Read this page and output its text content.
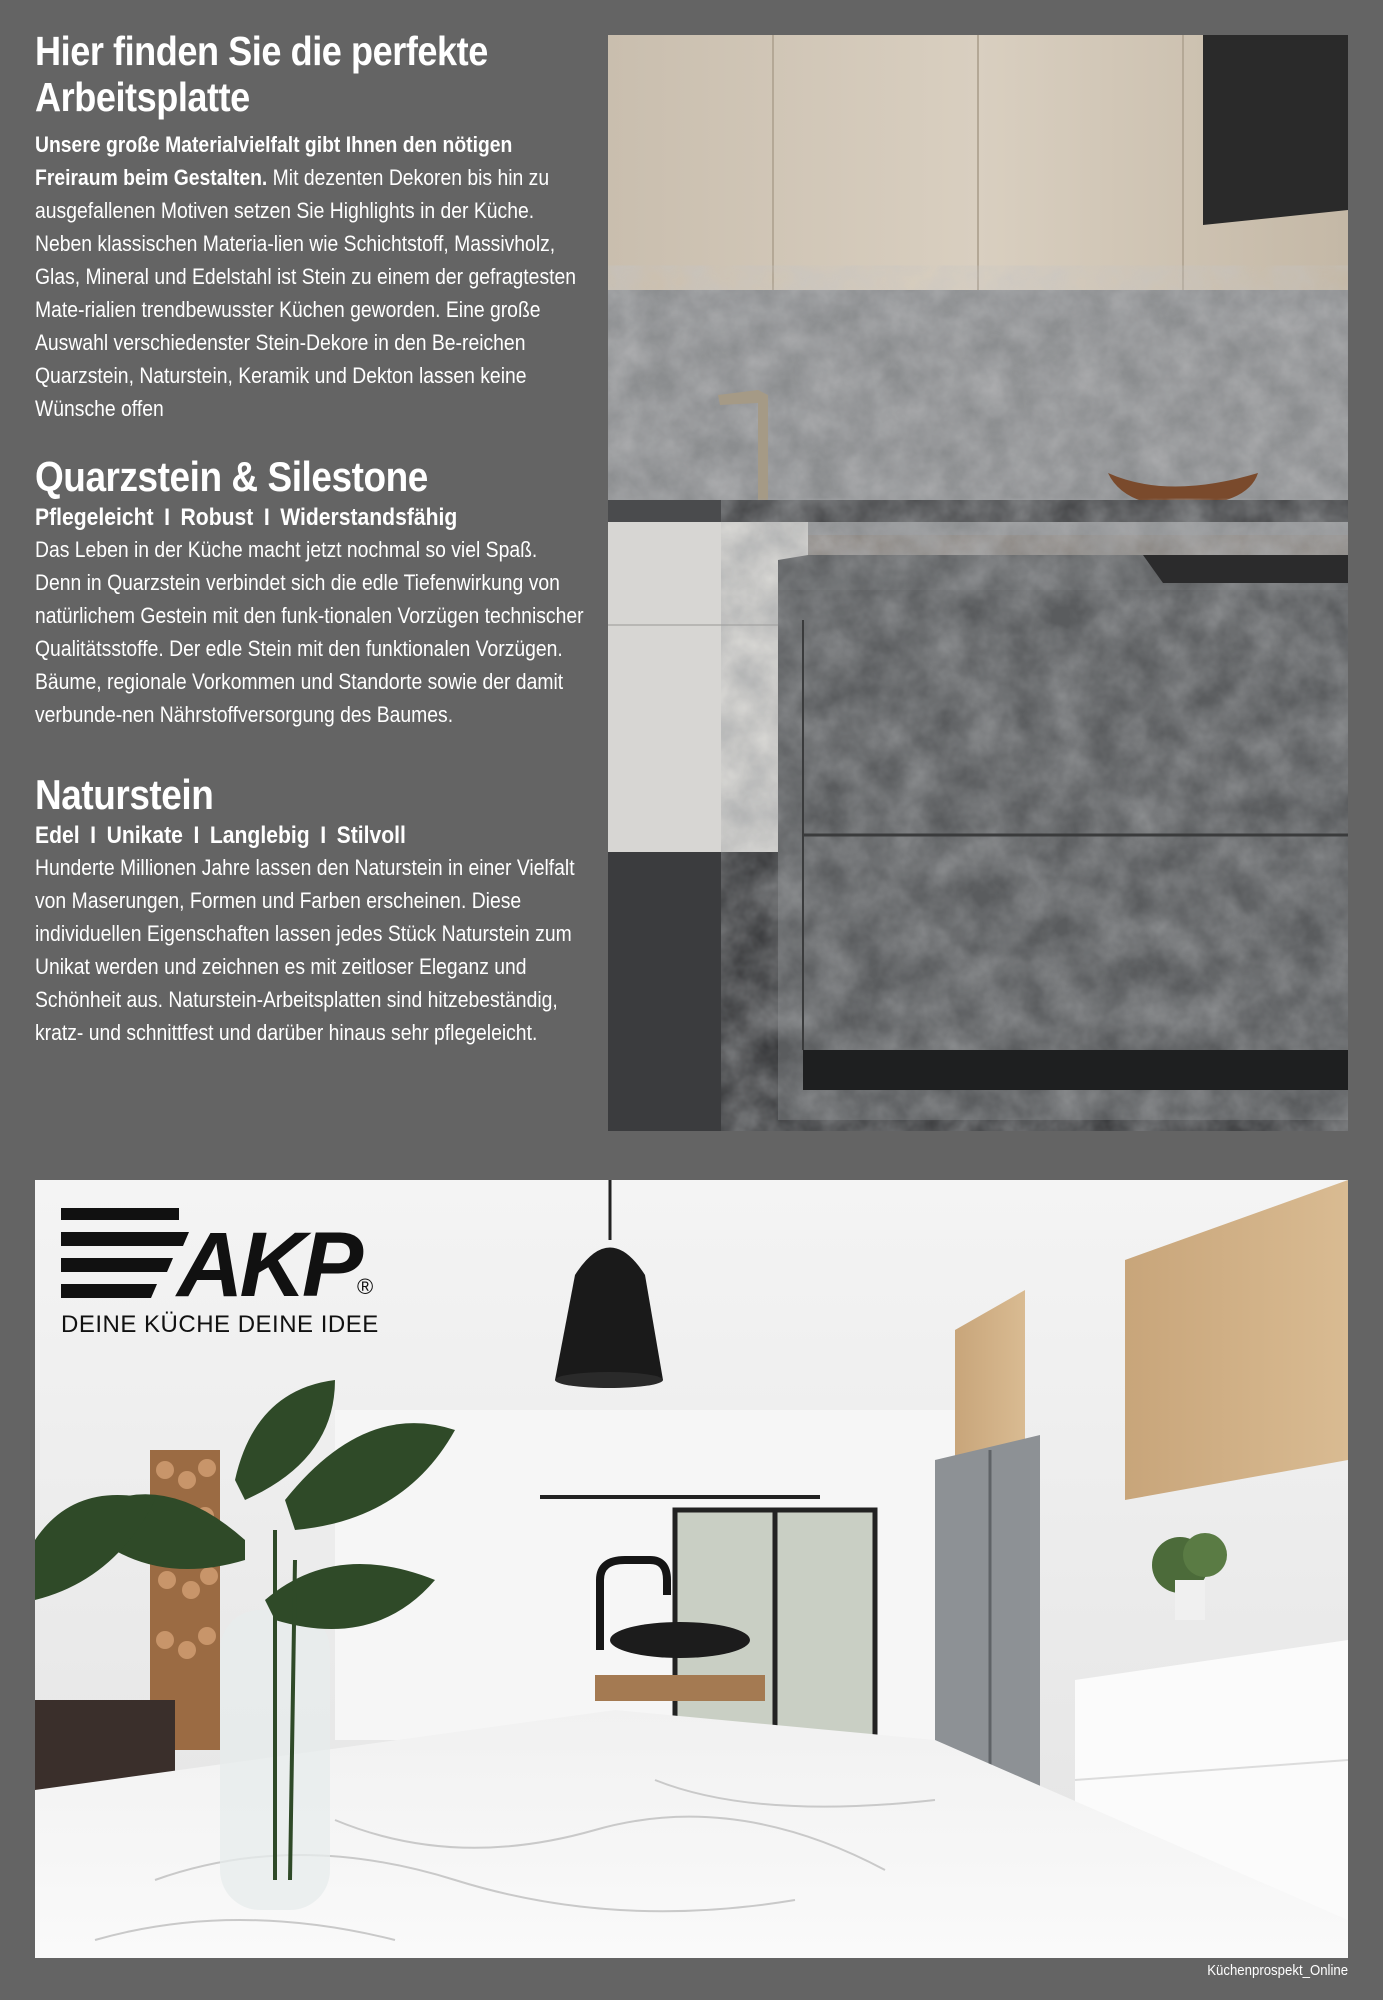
Hier finden Sie die perfekte Arbeitsplatte

Unsere große Materialvielfalt gibt Ihnen den nötigen Freiraum beim Gestalten. Mit dezenten Dekoren bis hin zu ausgefallenen Motiven setzen Sie Highlights in der Küche. Neben klassischen Materia-lien wie Schichtstoff, Massivholz, Glas, Mineral und Edelstahl ist Stein zu einem der gefragtesten Mate-rialien trendbewusster Küchen geworden. Eine große Auswahl verschiedenster Stein-Dekore in den Be-reichen Quarzstein, Naturstein, Keramik und Dekton lassen keine Wünsche offen

Quarzstein & Silestone

Pflegeleicht I Robust I Widerstandsfähig

Das Leben in der Küche macht jetzt nochmal so viel Spaß. Denn in Quarzstein verbindet sich die edle Tiefenwirkung von natürlichem Gestein mit den funk-tionalen Vorzügen technischer Qualitätsstoffe. Der edle Stein mit den funktionalen Vorzügen. Bäume, regionale Vorkommen und Standorte sowie der damit verbunde-nen Nährstoffversorgung des Baumes.

Naturstein

Edel I Unikate I Langlebig I Stilvoll

Hunderte Millionen Jahre lassen den Naturstein in einer Vielfalt von Maserungen, Formen und Farben erscheinen. Diese individuellen Eigenschaften lassen jedes Stück Naturstein zum Unikat werden und zeichnen es mit zeitloser Eleganz und Schönheit aus. Naturstein-Arbeitsplatten sind hitzebeständig, kratz- und schnittfest und darüber hinaus sehr pflegeleicht.

AKP
®
DEINE KÜCHE DEINE IDEE
Küchenprospekt_Online
